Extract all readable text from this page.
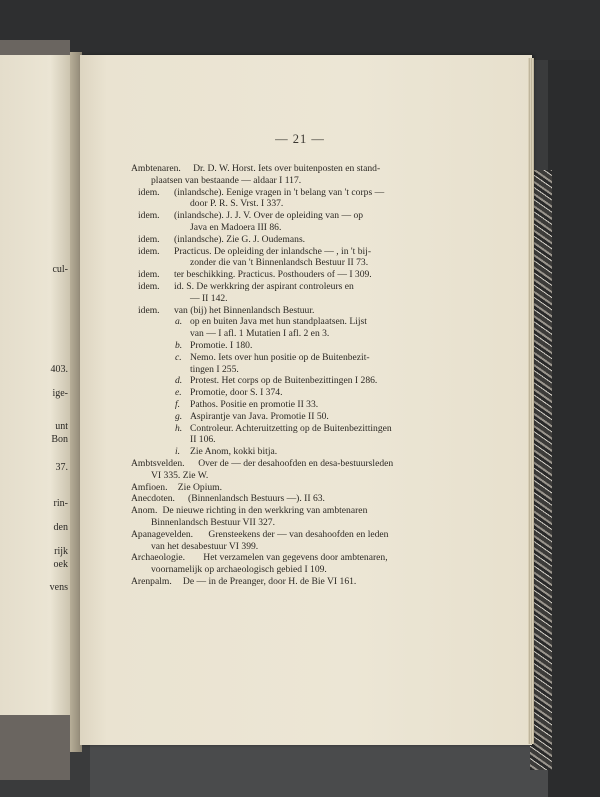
cul-
403.
ige-
unt
Bon
37.
rin-
den
rijk
oek
vens
— 21 —
Ambtenaren. Dr. D. W. Horst. Iets over buitenposten en stand-
plaatsen van bestaande — aldaar I 117.
idem. (inlandsche). Eenige vragen in 't belang van 't corps —
door P. R. S. Vrst. I 337.
idem. (inlandsche). J. J. V. Over de opleiding van — op
Java en Madoera III 86.
idem. (inlandsche). Zie G. J. Oudemans.
idem. Practicus. De opleiding der inlandsche — , in 't bij-
zonder die van 't Binnenlandsch Bestuur II 73.
idem. ter beschikking. Practicus. Posthouders of — I 309.
idem. id. S. De werkkring der aspirant controleurs en
— II 142.
idem. van (bij) het Binnenlandsch Bestuur.
a. op en buiten Java met hun standplaatsen. Lijst
van — I afl. 1 Mutatien I afl. 2 en 3.
b. Promotie. I 180.
c. Nemo. Iets over hun positie op de Buitenbezit-
tingen I 255.
d. Protest. Het corps op de Buitenbezittingen I 286.
e. Promotie, door S. I 374.
f. Pathos. Positie en promotie II 33.
g. Aspirantje van Java. Promotie II 50.
h. Controleur. Achteruitzetting op de Buitenbezittingen
II 106.
i. Zie Anom, kokki bitja.
Ambtsvelden. Over de — der desahoofden en desa-bestuursleden
VI 335. Zie W.
Amfioen. Zie Opium.
Anecdoten. (Binnenlandsch Bestuurs —). II 63.
Anom. De nieuwe richting in den werkkring van ambtenaren
Binnenlandsch Bestuur VII 327.
Apanagevelden. Grensteekens der — van desahoofden en leden
van het desabestuur VI 399.
Archaeologie. Het verzamelen van gegevens door ambtenaren,
voornamelijk op archaeologisch gebied I 109.
Arenpalm. De — in de Preanger, door H. de Bie VI 161.
